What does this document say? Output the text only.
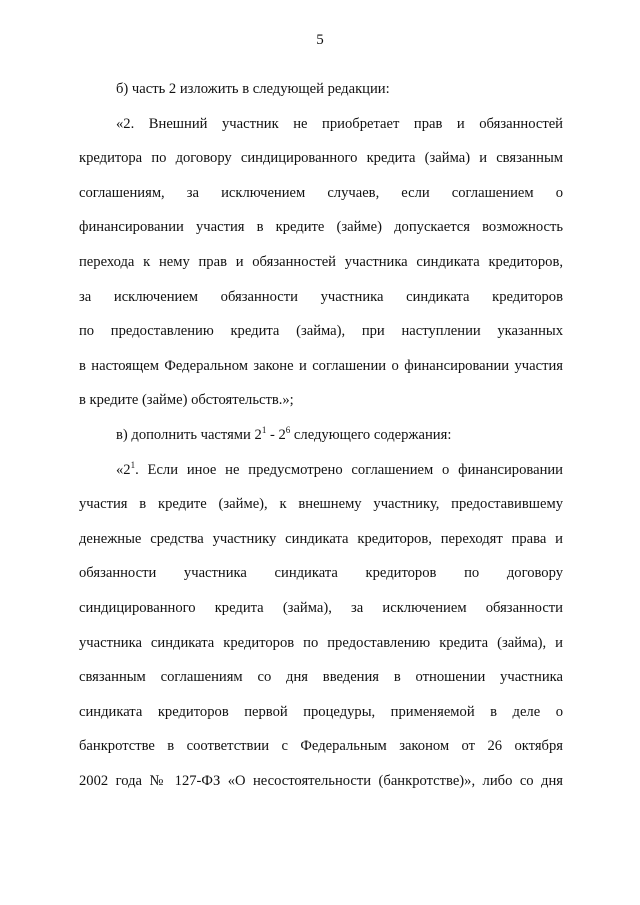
5
б) часть 2 изложить в следующей редакции:
«2. Внешний участник не приобретает прав и обязанностей
кредитора по договору синдицированного кредита (займа) и связанным
соглашениям, за исключением случаев, если соглашением о
финансировании участия в кредите (займе) допускается возможность
перехода к нему прав и обязанностей участника синдиката кредиторов,
за исключением обязанности участника синдиката кредиторов
по предоставлению кредита (займа), при наступлении указанных
в настоящем Федеральном законе и соглашении о финансировании участия
в кредите (займе) обстоятельств.»;
в) дополнить частями $2^1 - 2^6$ следующего содержания:
«$2^1$. Если иное не предусмотрено соглашением о финансировании
участия в кредите (займе), к внешнему участнику, предоставившему
денежные средства участнику синдиката кредиторов, переходят права и
обязанности участника синдиката кредиторов по договору
синдицированного кредита (займа), за исключением обязанности
участника синдиката кредиторов по предоставлению кредита (займа), и
связанным соглашениям со дня введения в отношении участника
синдиката кредиторов первой процедуры, применяемой в деле о
банкротстве в соответствии с Федеральным законом от 26 октября
2002 года № 127-ФЗ «О несостоятельности (банкротстве)», либо со дня
